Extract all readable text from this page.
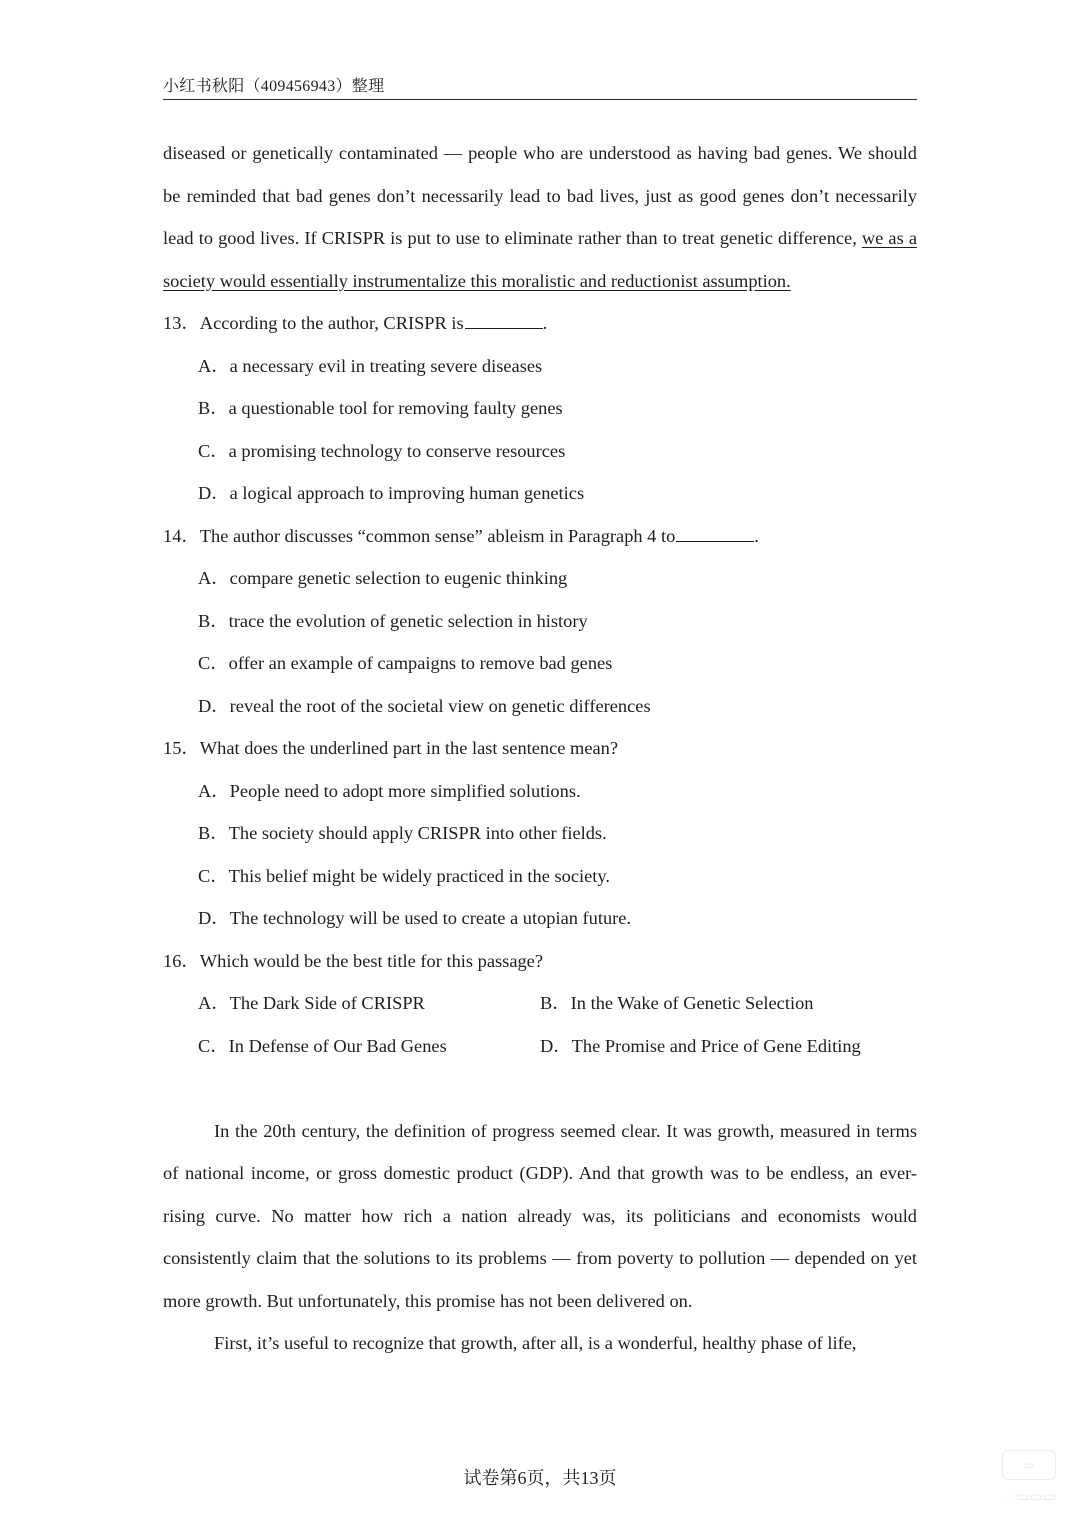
小红书秋阳（409456943）整理

diseased or genetically contaminated — people who are understood as having bad genes. We should be reminded that bad genes don’t necessarily lead to bad lives, just as good genes don’t necessarily lead to good lives. If CRISPR is put to use to eliminate rather than to treat genetic difference, we as a society would essentially instrumentalize this moralistic and reductionist assumption.

13．According to the author, CRISPR is	.

A．a necessary evil in treating severe diseases

B．a questionable tool for removing faulty genes

C．a promising technology to conserve resources

D．a logical approach to improving human genetics

14．The author discusses “common sense” ableism in Paragraph 4 to	.

A．compare genetic selection to eugenic thinking

B．trace the evolution of genetic selection in history

C．offer an example of campaigns to remove bad genes

D．reveal the root of the societal view on genetic differences

15．What does the underlined part in the last sentence mean?

A．People need to adopt more simplified solutions.

B．The society should apply CRISPR into other fields.

C．This belief might be widely practiced in the society.

D．The technology will be used to create a utopian future.

16．Which would be the best title for this passage?

A．The Dark Side of CRISPR	B．In the Wake of Genetic Selection
C．In Defense of Our Bad Genes	D．The Promise and Price of Gene Editing

In the 20th century, the definition of progress seemed clear. It was growth, measured in terms of national income, or gross domestic product (GDP). And that growth was to be endless, an ever-rising curve. No matter how rich a nation already was, its politicians and economists would consistently claim that the solutions to its problems — from poverty to pollution — depended on yet more growth. But unfortunately, this promise has not been delivered on.

First, it’s useful to recognize that growth, after all, is a wonderful, healthy phase of life,

试卷第6页，共13页
▭
◌ ▭▭▭
